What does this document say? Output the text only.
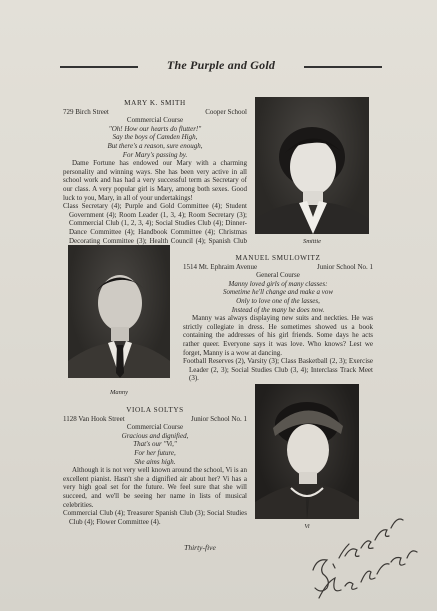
The Purple and Gold
MARY K. SMITH
729 Birch Street	Cooper School
Commercial Course
"Oh! How our hearts do flutter!"
Say the boys of Camden High,
But there's a reason, sure enough,
For Mary's passing by.
Dame Fortune has endowed our Mary with a charming personality and winning ways. She has been very active in all school work and has had a very successful term as Secretary of our class. A very popular girl is Mary, among both sexes. Good luck to you, Mary, in all of your undertakings!
Class Secretary (4); Purple and Gold Committee (4); Student Government (4); Room Leader (1, 3, 4); Room Secretary (3); Commercial Club (1, 2, 3, 4); Social Studies Club (4); Dinner-Dance Committee (4); Handbook Committee (4); Christmas Decorating Committee (3); Health Council (4); Spanish Club	Smittie
Manny
MANUEL SMULOWITZ
1514 Mt. Ephraim Avenue	Junior School No. 1
General Course
Manny loved girls of many classes:
Sometime he'll change and make a vow
Only to love one of the lasses,
Instead of the many he does now.
Manny was always displaying new suits and neckties. He was strictly collegiate in dress. He sometimes showed us a book containing the addresses of his girl friends. Some days he acts rather queer. Everyone says it was love. Who knows? Lest we forget, Manny is a wow at dancing.
Football Reserves (2), Varsity (3); Class Basketball (2, 3); Exercise Leader (2, 3); Social Studies Club (3, 4); Interclass Track Meet (3).
VIOLA SOLTYS
1128 Van Hook Street	Junior School No. 1
Commercial Course
Gracious and dignified,
That's our "Vi,"
For her future,
She aims high.
Although it is not very well known around the school, Vi is an excellent pianist. Hasn't she a dignified air about her? Vi has a very high goal set for the future. We feel sure that she will succeed, and we'll be seeing her name in lists of musical celebrities.
Commercial Club (4); Treasurer Spanish Club (3); Social Studies Club (4); Flower Committee (4).
Vi
Thirty-five
